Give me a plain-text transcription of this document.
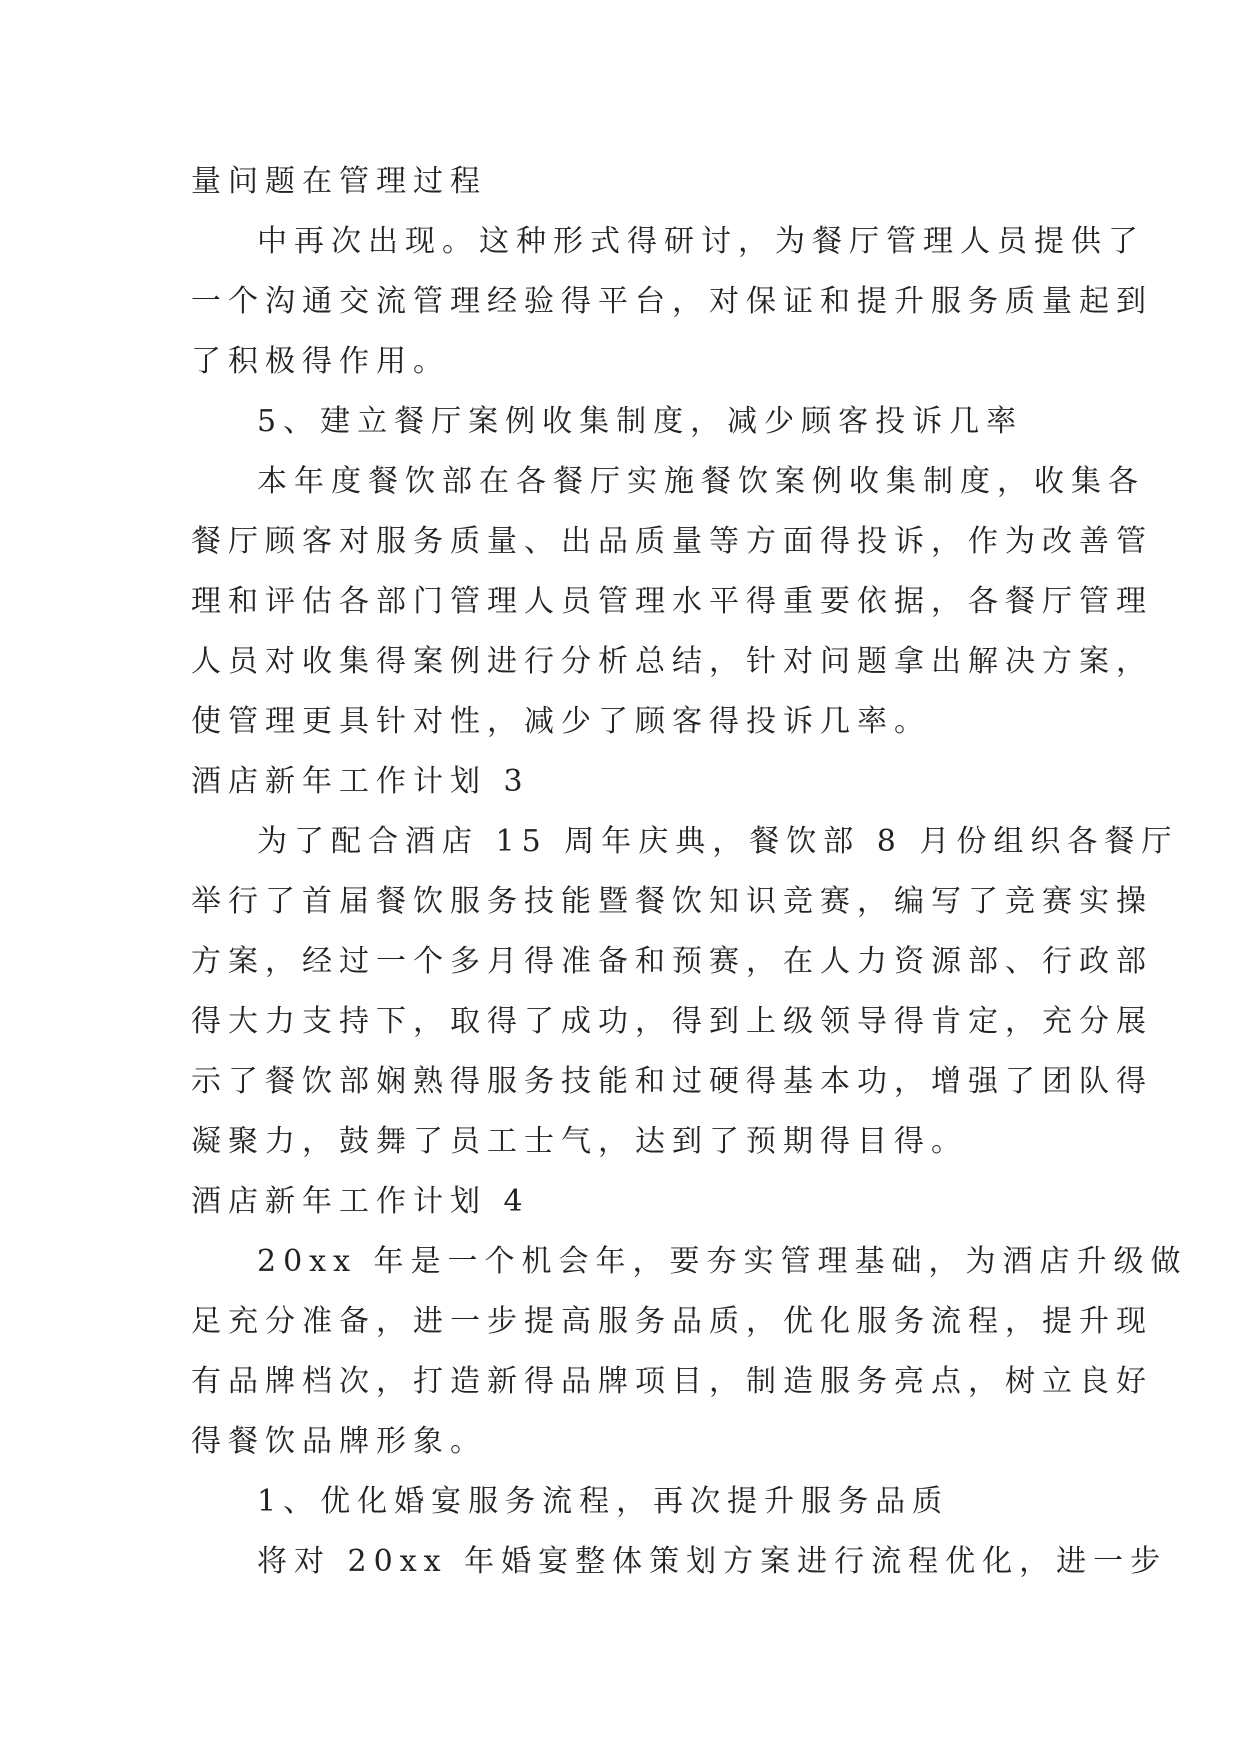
量问题在管理过程
中再次出现。这种形式得研讨，为餐厅管理人员提供了
一个沟通交流管理经验得平台，对保证和提升服务质量起到
了积极得作用。
5、建立餐厅案例收集制度，减少顾客投诉几率
本年度餐饮部在各餐厅实施餐饮案例收集制度，收集各
餐厅顾客对服务质量、出品质量等方面得投诉，作为改善管
理和评估各部门管理人员管理水平得重要依据，各餐厅管理
人员对收集得案例进行分析总结，针对问题拿出解决方案，
使管理更具针对性，减少了顾客得投诉几率。
酒店新年工作计划 3
为了配合酒店 15 周年庆典，餐饮部 8 月份组织各餐厅
举行了首届餐饮服务技能暨餐饮知识竞赛，编写了竞赛实操
方案，经过一个多月得准备和预赛，在人力资源部、行政部
得大力支持下，取得了成功，得到上级领导得肯定，充分展
示了餐饮部娴熟得服务技能和过硬得基本功，增强了团队得
凝聚力，鼓舞了员工士气，达到了预期得目得。
酒店新年工作计划 4
20xx 年是一个机会年，要夯实管理基础，为酒店升级做
足充分准备，进一步提高服务品质，优化服务流程，提升现
有品牌档次，打造新得品牌项目，制造服务亮点，树立良好
得餐饮品牌形象。
1、优化婚宴服务流程，再次提升服务品质
将对 20xx 年婚宴整体策划方案进行流程优化，进一步
